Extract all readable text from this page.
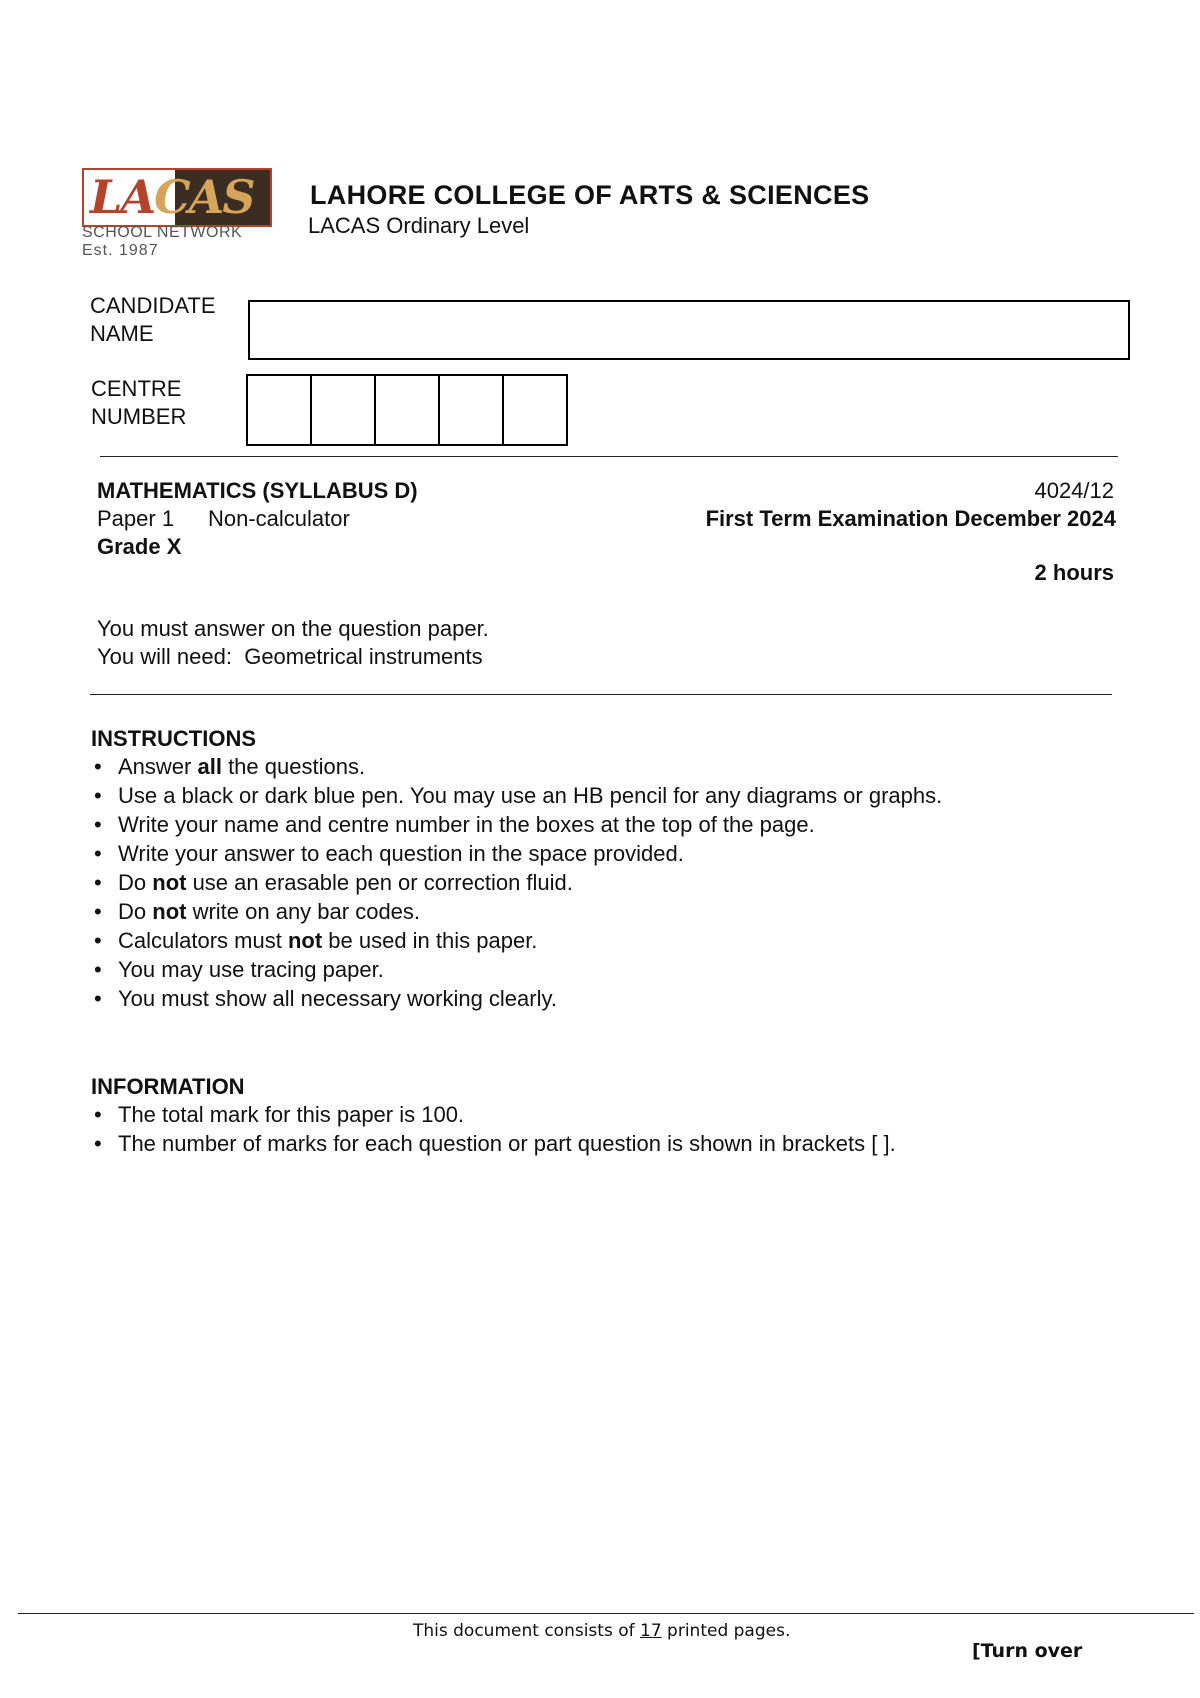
LACAS
SCHOOL NETWORK
Est. 1987
LAHORE COLLEGE OF ARTS & SCIENCES
LACAS Ordinary Level
CANDIDATE
NAME
CENTRE
NUMBER
MATHEMATICS (SYLLABUS D)	4024/12
Paper 1 Non-calculator	First Term Examination December 2024
Grade X
2 hours
You must answer on the question paper.
You will need: Geometrical instruments
INSTRUCTIONS
• Answer all the questions.
• Use a black or dark blue pen. You may use an HB pencil for any diagrams or graphs.
• Write your name and centre number in the boxes at the top of the page.
• Write your answer to each question in the space provided.
• Do not use an erasable pen or correction fluid.
• Do not write on any bar codes.
• Calculators must not be used in this paper.
• You may use tracing paper.
• You must show all necessary working clearly.
INFORMATION
• The total mark for this paper is 100.
• The number of marks for each question or part question is shown in brackets [ ].
This document consists of 17 printed pages.
[Turn over
